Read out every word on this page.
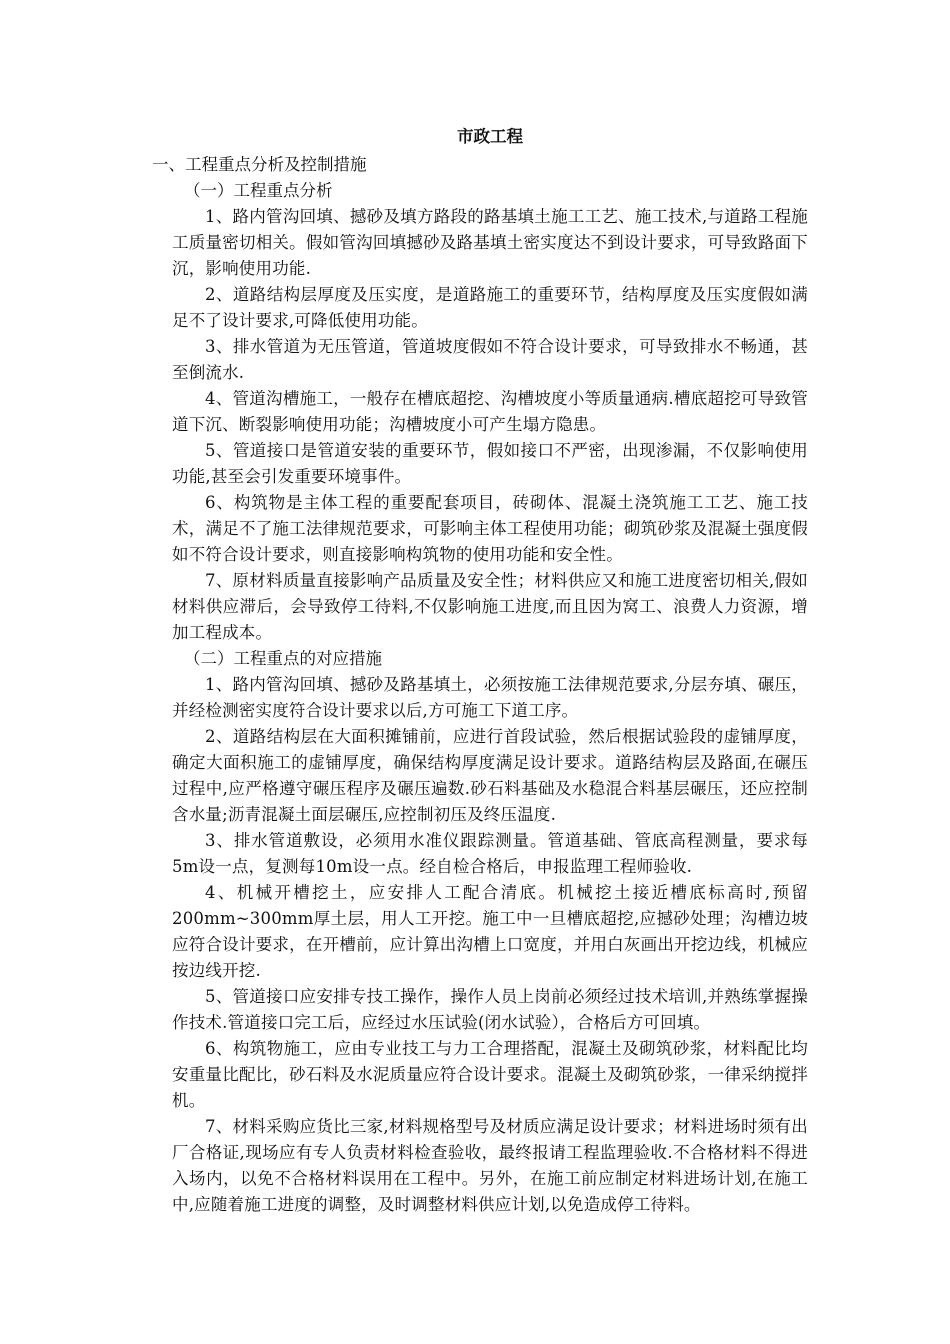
市政工程

一、工程重点分析及控制措施

（一）工程重点分析

1、路内管沟回填、撼砂及填方路段的路基填土施工工艺、施工技术,与道路工程施工质量密切相关。假如管沟回填撼砂及路基填土密实度达不到设计要求，可导致路面下沉，影响使用功能.

2、道路结构层厚度及压实度，是道路施工的重要环节，结构厚度及压实度假如满足不了设计要求,可降低使用功能。

3、排水管道为无压管道，管道坡度假如不符合设计要求，可导致排水不畅通，甚至倒流水.

4、管道沟槽施工，一般存在槽底超挖、沟槽坡度小等质量通病.槽底超挖可导致管道下沉、断裂影响使用功能；沟槽坡度小可产生塌方隐患。

5、管道接口是管道安装的重要环节，假如接口不严密，出现渗漏，不仅影响使用功能,甚至会引发重要环境事件。

6、构筑物是主体工程的重要配套项目，砖砌体、混凝土浇筑施工工艺、施工技术，满足不了施工法律规范要求，可影响主体工程使用功能；砌筑砂浆及混凝土强度假如不符合设计要求，则直接影响构筑物的使用功能和安全性。

7、原材料质量直接影响产品质量及安全性；材料供应又和施工进度密切相关,假如材料供应滞后，会导致停工待料,不仅影响施工进度,而且因为窝工、浪费人力资源，增加工程成本。

（二）工程重点的对应措施

1、路内管沟回填、撼砂及路基填土，必须按施工法律规范要求,分层夯填、碾压，并经检测密实度符合设计要求以后,方可施工下道工序。

2、道路结构层在大面积摊铺前，应进行首段试验，然后根据试验段的虚铺厚度，确定大面积施工的虚铺厚度，确保结构厚度满足设计要求。道路结构层及路面,在碾压过程中,应严格遵守碾压程序及碾压遍数.砂石料基础及水稳混合料基层碾压，还应控制含水量;沥青混凝土面层碾压,应控制初压及终压温度.

3、排水管道敷设，必须用水准仪跟踪测量。管道基础、管底高程测量，要求每5m设一点，复测每10m设一点。经自检合格后，申报监理工程师验收.

4、机械开槽挖土，应安排人工配合清底。机械挖土接近槽底标高时,预留200mm~300mm厚土层，用人工开挖。施工中一旦槽底超挖,应撼砂处理；沟槽边坡应符合设计要求，在开槽前，应计算出沟槽上口宽度，并用白灰画出开挖边线，机械应按边线开挖.

5、管道接口应安排专技工操作，操作人员上岗前必须经过技术培训,并熟练掌握操作技术.管道接口完工后，应经过水压试验(闭水试验），合格后方可回填。

6、构筑物施工，应由专业技工与力工合理搭配，混凝土及砌筑砂浆，材料配比均安重量比配比，砂石料及水泥质量应符合设计要求。混凝土及砌筑砂浆，一律采纳搅拌机。

7、材料采购应货比三家,材料规格型号及材质应满足设计要求；材料进场时须有出厂合格证,现场应有专人负责材料检查验收，最终报请工程监理验收.不合格材料不得进入场内，以免不合格材料误用在工程中。另外，在施工前应制定材料进场计划,在施工中,应随着施工进度的调整，及时调整材料供应计划,以免造成停工待料。
